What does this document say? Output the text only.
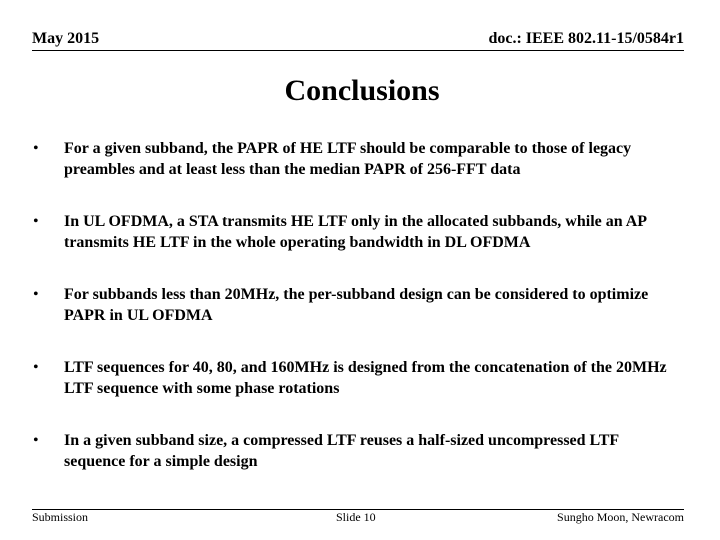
May 2015	doc.: IEEE 802.11-15/0584r1
Conclusions
•	For a given subband, the PAPR of HE LTF should be comparable to those of legacy preambles and at least less than the median PAPR of 256-FFT data
•	In UL OFDMA, a STA transmits HE LTF only in the allocated subbands, while an AP transmits HE LTF in the whole operating bandwidth in DL OFDMA
•	For subbands less than 20MHz, the per-subband design can be considered to optimize PAPR in UL OFDMA
•	LTF sequences for 40, 80, and 160MHz is designed from the concatenation of the 20MHz LTF sequence with some phase rotations
•	In a given subband size, a compressed LTF reuses a half-sized uncompressed LTF sequence for a simple design
Submission	Slide 10	Sungho Moon, Newracom
